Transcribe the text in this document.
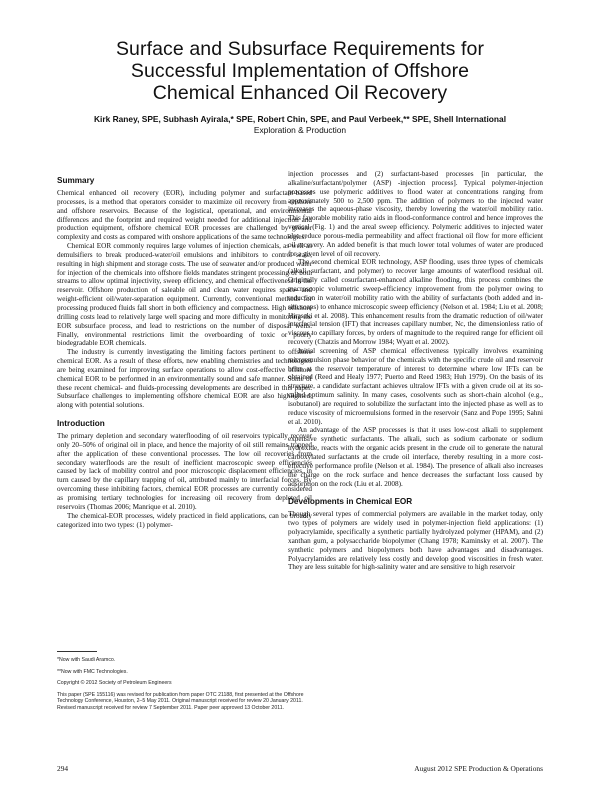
Surface and Subsurface Requirements for
Successful Implementation of Offshore
Chemical Enhanced Oil Recovery
Kirk Raney, SPE, Subhash Ayirala,* SPE, Robert Chin, SPE, and Paul Verbeek,** SPE, Shell International
Exploration & Production
Summary

Chemical enhanced oil recovery (EOR), including polymer and surfactant-based processes, is a method that operators consider to maximize oil recovery from onshore and offshore reservoirs. Because of the logistical, operational, and environmental differences and the footprint and required weight needed for additional injection and production equipment, offshore chemical EOR processes are challenged by greater complexity and costs as compared with onshore applications of the same technologies.

Chemical EOR commonly requires large volumes of injection chemicals, as well as demulsifiers to break produced-water/oil emulsions and inhibitors to control scale, resulting in high shipment and storage costs. The use of seawater and/or produced water for injection of the chemicals into offshore fields mandates stringent processing of both streams to allow optimal injectivity, sweep efficiency, and chemical effectiveness in the reservoir. Offshore production of saleable oil and clean water requires space- and weight-efficient oil/water-separation equipment. Currently, conventional methods for processing produced fluids fall short in both efficiency and compactness. High offshore drilling costs lead to relatively large well spacing and more difficulty in monitoring the EOR subsurface process, and lead to restrictions on the number of disposal wells. Finally, environmental restrictions limit the overboarding of toxic or poorly biodegradable EOR chemicals.

The industry is currently investigating the limiting factors pertinent to offshore chemical EOR. As a result of these efforts, new enabling chemistries and technologies are being examined for improving surface operations to allow cost-effective offshore chemical EOR to be performed in an environmentally sound and safe manner. Some of these recent chemical- and fluids-processing developments are described in this paper. Subsurface challenges to implementing offshore chemical EOR are also highlighted, along with potential solutions.

Introduction

The primary depletion and secondary waterflooding of oil reservoirs typically recover only 20–50% of original oil in place, and hence the majority of oil still remains trapped after the application of these conventional processes. The low oil recoveries from secondary waterfloods are the result of inefficient macroscopic sweep efficiencies caused by lack of mobility control and poor microscopic displacement efficiencies, in turn caused by the capillary trapping of oil, attributed mainly to interfacial forces. By overcoming these inhibiting factors, chemical EOR processes are currently considered as promising tertiary technologies for increasing oil recovery from depleted oil reservoirs (Thomas 2006; Manrique et al. 2010).

The chemical-EOR processes, widely practiced in field applications, can be broadly categorized into two types: (1) polymer-

injection processes and (2) surfactant-based processes [in particular, the alkaline/surfactant/polymer (ASP) -injection process]. Typical polymer-injection processes use polymeric additives to flood water at concentrations ranging from approximately 500 to 2,500 ppm. The addition of polymers to the injected water increases the aqueous-phase viscosity, thereby lowering the water/oil mobility ratio. This favorable mobility ratio aids in flood-conformance control and hence improves the vertical (Fig. 1) and the areal sweep efficiency. Polymeric additives to injected water also reduce porous-media permeability and affect fractional oil flow for more efficient oil recovery. An added benefit is that much lower total volumes of water are produced for a given level of oil recovery.

The second chemical EOR technology, ASP flooding, uses three types of chemicals (alkali, surfactant, and polymer) to recover large amounts of waterflood residual oil. Originally called cosurfactant-enhanced alkaline flooding, this process combines the macroscopic volumetric sweep-efficiency improvement from the polymer owing to reduction in water/oil mobility ratio with the ability of surfactants (both added and in-situ soaps) to enhance microscopic sweep efficiency (Nelson et al. 1984; Liu et al. 2008; Hirasaki et al. 2008). This enhancement results from the dramatic reduction of oil/water interfacial tension (IFT) that increases capillary number, Nc, the dimensionless ratio of viscous to capillary forces, by orders of magnitude to the required range for efficient oil recovery (Chatzis and Morrow 1984; Wyatt et al. 2002).

Initial screening of ASP chemical effectiveness typically involves examining microemulsion phase behavior of the chemicals with the specific crude oil and reservoir brine at the reservoir temperature of interest to determine where low IFTs can be obtained (Reed and Healy 1977; Puerto and Reed 1983; Huh 1979). On the basis of its structure, a candidate surfactant achieves ultralow IFTs with a given crude oil at its so-called optimum salinity. In many cases, cosolvents such as short-chain alcohol (e.g., isobutanol) are required to solubilize the surfactant into the injected phase as well as to reduce viscosity of microemulsions formed in the reservoir (Sanz and Pope 1995; Sahni et al. 2010).

An advantage of the ASP processes is that it uses low-cost alkali to supplement expensive synthetic surfactants. The alkali, such as sodium carbonate or sodium hydroxide, reacts with the organic acids present in the crude oil to generate the natural carboxylated surfactants at the crude oil interface, thereby resulting in a more cost-effective performance profile (Nelson et al. 1984). The presence of alkali also increases the charge on the rock surface and hence decreases the surfactant loss caused by adsorption on the rock (Liu et al. 2008).

Developments in Chemical EOR

Though several types of commercial polymers are available in the market today, only two types of polymers are widely used in polymer-injection field applications: (1) polyacrylamide, specifically a synthetic partially hydrolyzed polymer (HPAM), and (2) xanthan gum, a polysaccharide biopolymer (Chang 1978; Kaminsky et al. 2007). The synthetic polymers and biopolymers both have advantages and disadvantages. Polyacrylamides are relatively less costly and develop good viscosities in fresh water. They are less suitable for high-salinity water and are sensitive to high reservoir

*Now with Saudi Aramco.

**Now with FMC Technologies.

Copyright © 2012 Society of Petroleum Engineers

This paper (SPE 155116) was revised for publication from paper OTC 21188, first presented at the Offshore Technology Conference, Houston, 2–5 May 2011. Original manuscript received for review 20 January 2011. Revised manuscript received for review 7 September 2011. Paper peer approved 13 October 2011.

294	August 2012 SPE Production & Operations
